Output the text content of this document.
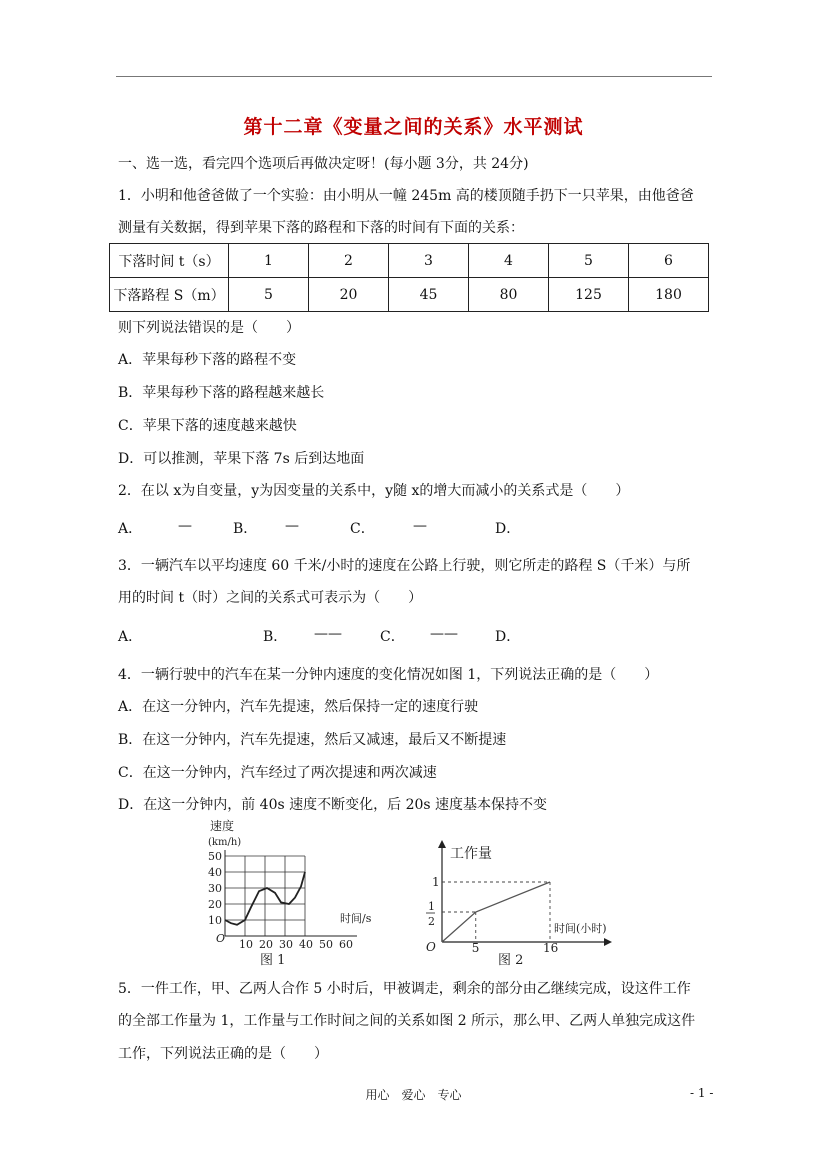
第十二章《变量之间的关系》水平测试
一、选一选，看完四个选项后再做决定呀！(每小题 3分，共 24分)
1．小明和他爸爸做了一个实验：由小明从一幢 245m 高的楼顶随手扔下一只苹果，由他爸爸
测量有关数据，得到苹果下落的路程和下落的时间有下面的关系：
下落时间 t（s）	1	2	3	4	5	6
下落路程 S（m）	5	20	45	80	125	180
则下列说法错误的是（　　）
A．苹果每秒下落的路程不变
B．苹果每秒下落的路程越来越长
C．苹果下落的速度越来越快
D．可以推测，苹果下落 7s 后到达地面
2．在以 x为自变量，y为因变量的关系中，y随 x的增大而减小的关系式是（　　）
A．	—	B． —	C．	—	D．
3．一辆汽车以平均速度 60 千米/小时的速度在公路上行驶，则它所走的路程 S（千米）与所
用的时间 t（时）之间的关系式可表示为（　　）
A．	B． ——	C． ——	D．
4．一辆行驶中的汽车在某一分钟内速度的变化情况如图 1，下列说法正确的是（　　）
A．在这一分钟内，汽车先提速，然后保持一定的速度行驶
B．在这一分钟内，汽车先提速，然后又减速，最后又不断提速
C．在这一分钟内，汽车经过了两次提速和两次减速
D．在这一分钟内，前 40s 速度不断变化，后 20s 速度基本保持不变
速度
(km/h)
10
20
30
40
50
10 20 30 40 50 60
O
时间/s
图 1
工作量
O
1
1
2
5	16
时间(小时)
图 2
5．一件工作，甲、乙两人合作 5 小时后，甲被调走，剩余的部分由乙继续完成，设这件工作
的全部工作量为 1，工作量与工作时间之间的关系如图 2 所示，那么甲、乙两人单独完成这件
工作，下列说法正确的是（　　）
用心　爱心　专心	- 1 -
